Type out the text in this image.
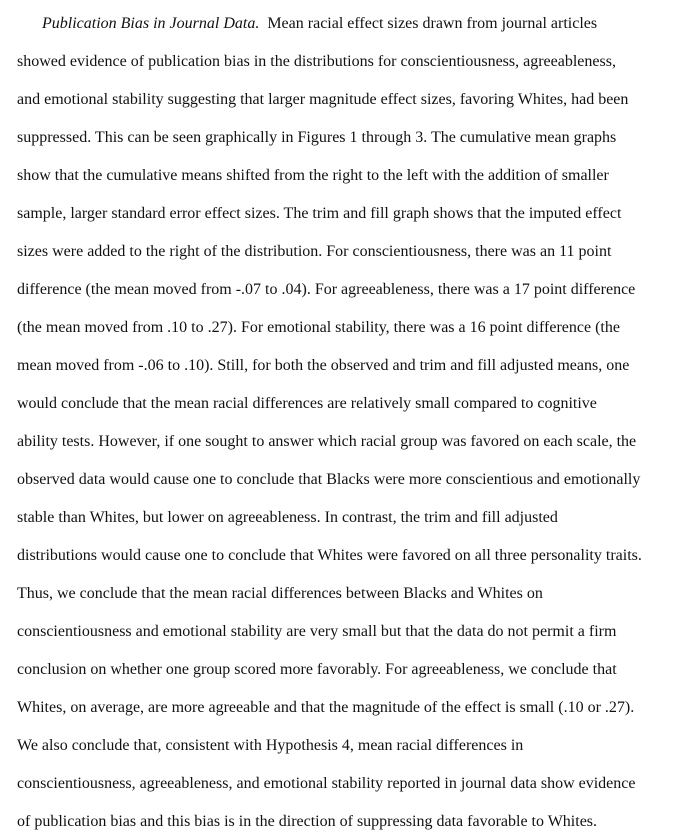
Publication Bias in Journal Data. Mean racial effect sizes drawn from journal articles
showed evidence of publication bias in the distributions for conscientiousness, agreeableness,
and emotional stability suggesting that larger magnitude effect sizes, favoring Whites, had been
suppressed. This can be seen graphically in Figures 1 through 3. The cumulative mean graphs
show that the cumulative means shifted from the right to the left with the addition of smaller
sample, larger standard error effect sizes. The trim and fill graph shows that the imputed effect
sizes were added to the right of the distribution. For conscientiousness, there was an 11 point
difference (the mean moved from -.07 to .04). For agreeableness, there was a 17 point difference
(the mean moved from .10 to .27). For emotional stability, there was a 16 point difference (the
mean moved from -.06 to .10). Still, for both the observed and trim and fill adjusted means, one
would conclude that the mean racial differences are relatively small compared to cognitive
ability tests. However, if one sought to answer which racial group was favored on each scale, the
observed data would cause one to conclude that Blacks were more conscientious and emotionally
stable than Whites, but lower on agreeableness. In contrast, the trim and fill adjusted
distributions would cause one to conclude that Whites were favored on all three personality traits.
Thus, we conclude that the mean racial differences between Blacks and Whites on
conscientiousness and emotional stability are very small but that the data do not permit a firm
conclusion on whether one group scored more favorably. For agreeableness, we conclude that
Whites, on average, are more agreeable and that the magnitude of the effect is small (.10 or .27).
We also conclude that, consistent with Hypothesis 4, mean racial differences in
conscientiousness, agreeableness, and emotional stability reported in journal data show evidence
of publication bias and this bias is in the direction of suppressing data favorable to Whites.
